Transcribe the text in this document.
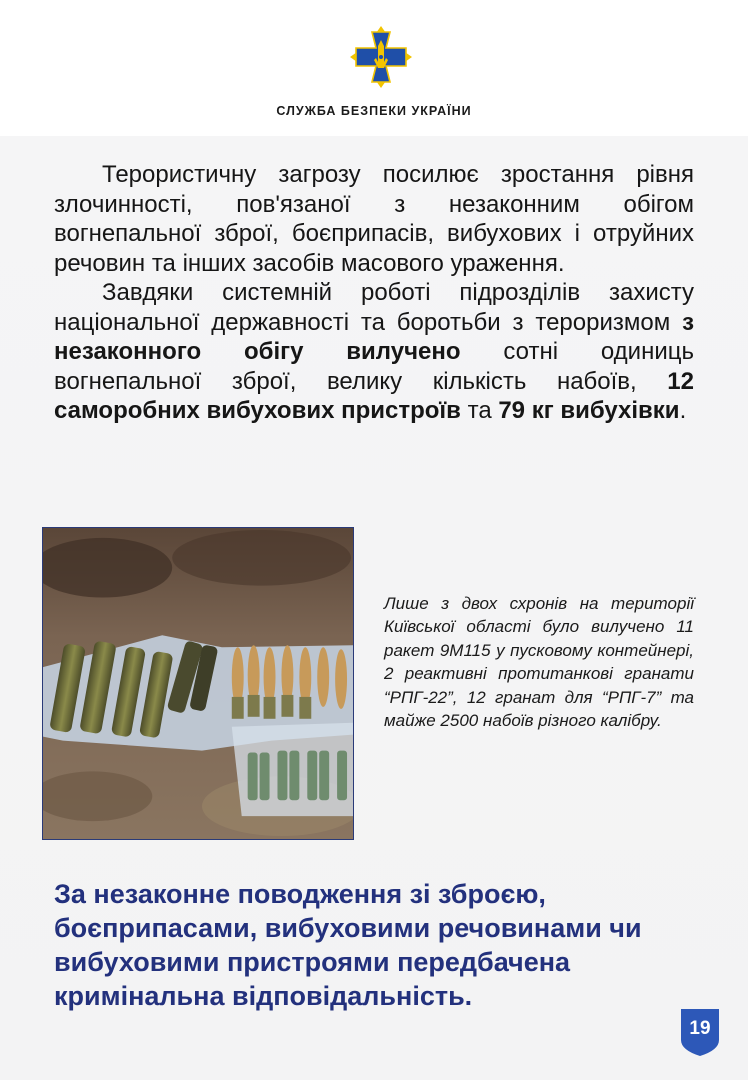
СЛУЖБА БЕЗПЕКИ УКРАЇНИ

Терористичну загрозу посилює зростання рівня злочинності, пов'язаної з незаконним обігом вогнепальної зброї, боєприпасів, вибухових і отруйних речовин та інших засобів масового ураження.

Завдяки системній роботі підрозділів захисту національної державності та боротьби з тероризмом з незаконного обігу вилучено сотні одиниць вогнепальної зброї, велику кількість набоїв, 12 саморобних вибухових пристроїв та 79 кг вибухівки.

Лише з двох схронів на території Київської області було вилучено 11 ракет 9М115 у пусковому контейнері, 2 реактивні протитанкові гранати “РПГ-22”, 12 гранат для “РПГ-7” та майже 2500 набоїв різного калібру.
За незаконне поводження зі зброєю, боєприпасами, вибуховими речовинами чи вибуховими пристроями передбачена кримінальна відповідальність.
19
